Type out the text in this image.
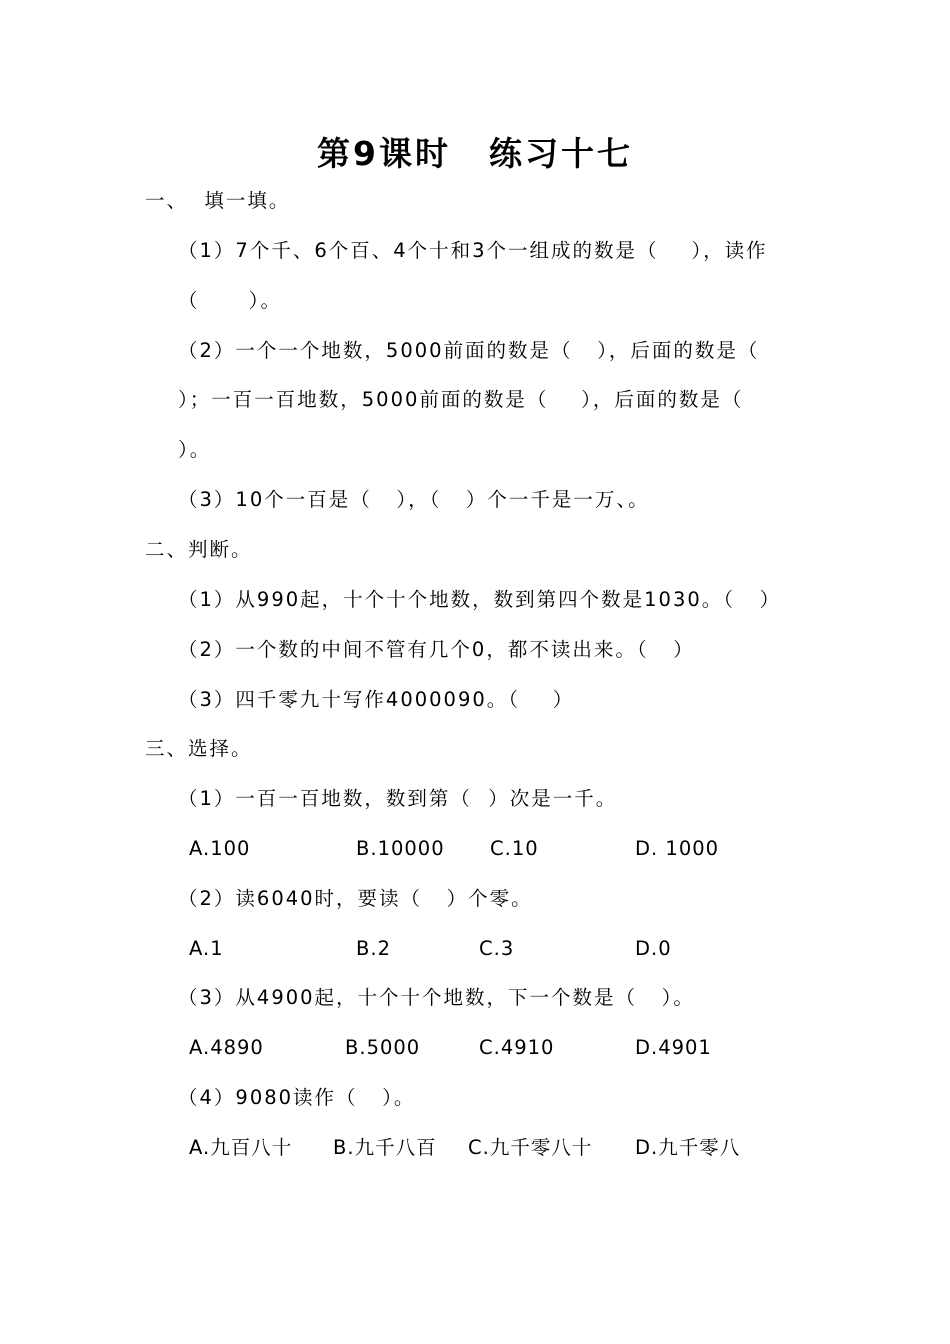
第9课时 练习十七
一、  填一填。
（1）7个千、6个百、4个十和3个一组成的数是（    ），读作
（      ）。
（2）一个一个地数，5000前面的数是（   ），后面的数是（
）；一百一百地数，5000前面的数是（    ），后面的数是（
）。
（3）10个一百是（   ），（   ）个一千是一万、。
二、判断。
（1）从990起，十个十个地数，数到第四个数是1030。（   ）
（2）一个数的中间不管有几个0，都不读出来。（   ）
（3）四千零九十写作4000090。（    ）
三、选择。
（1）一百一百地数，数到第（  ）次是一千。
A.100	B.10000 C.10	D. 1000
（2）读6040时，要读（   ）个零。
A.1	B.2	C.3	D.0
（3）从4900起，十个十个地数，下一个数是（   ）。
A.4890	B.5000	C.4910	D.4901
（4）9080读作（   ）。
A.九百八十 B.九千八百 C.九千零八十 D.九千零八
